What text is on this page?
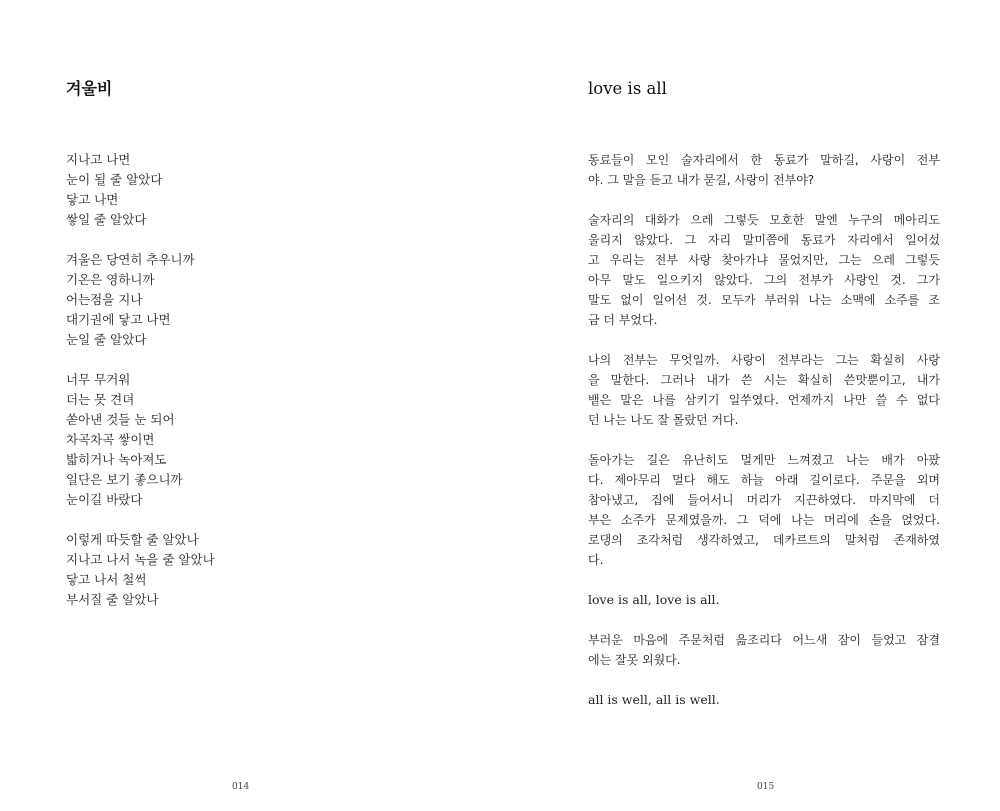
겨울비
지나고 나면
눈이 될 줄 알았다
닿고 나면
쌓일 줄 알았다
겨울은 당연히 추우니까
기온은 영하니까
어는점을 지나
대기권에 닿고 나면
눈일 줄 알았다
너무 무거워
더는 못 견뎌
쏟아낸 것들 눈 되어
차곡차곡 쌓이면
밟히거나 녹아져도
일단은 보기 좋으니까
눈이길 바랐다
이렇게 따듯할 줄 알았나
지나고 나서 녹을 줄 알았나
닿고 나서 철썩
부서질 줄 알았나
014
love is all
동료들이 모인 술자리에서 한 동료가 말하길, 사랑이 전부
야. 그 말을 듣고 내가 묻길, 사랑이 전부야?
술자리의 대화가 으레 그렇듯 모호한 말엔 누구의 메아리도
울리지 않았다. 그 자리 말미쯤에 동료가 자리에서 일어섰
고 우리는 전부 사랑 찾아가냐 물었지만, 그는 으레 그렇듯
아무 말도 일으키지 않았다. 그의 전부가 사랑인 것. 그가
말도 없이 일어선 것. 모두가 부러워 나는 소맥에 소주를 조
금 더 부었다.
나의 전부는 무엇일까. 사랑이 전부라는 그는 확실히 사랑
을 말한다. 그러나 내가 쓴 시는 확실히 쓴맛뿐이고, 내가
뱉은 말은 나를 삼키기 일쑤였다. 언제까지 나만 쓸 수 없다
던 나는 나도 잘 몰랐던 거다.
돌아가는 길은 유난히도 멀게만 느껴졌고 나는 배가 아팠
다. 제아무리 멀다 해도 하늘 아래 길이로다. 주문을 외며
참아냈고, 집에 들어서니 머리가 지끈하였다. 마지막에 더
부은 소주가 문제였을까. 그 덕에 나는 머리에 손을 얹었다.
로댕의 조각처럼 생각하였고, 데카르트의 말처럼 존재하였
다.
love is all, love is all.
부러운 마음에 주문처럼 읊조리다 어느새 잠이 들었고 잠결
에는 잘못 외웠다.
all is well, all is well.
015
